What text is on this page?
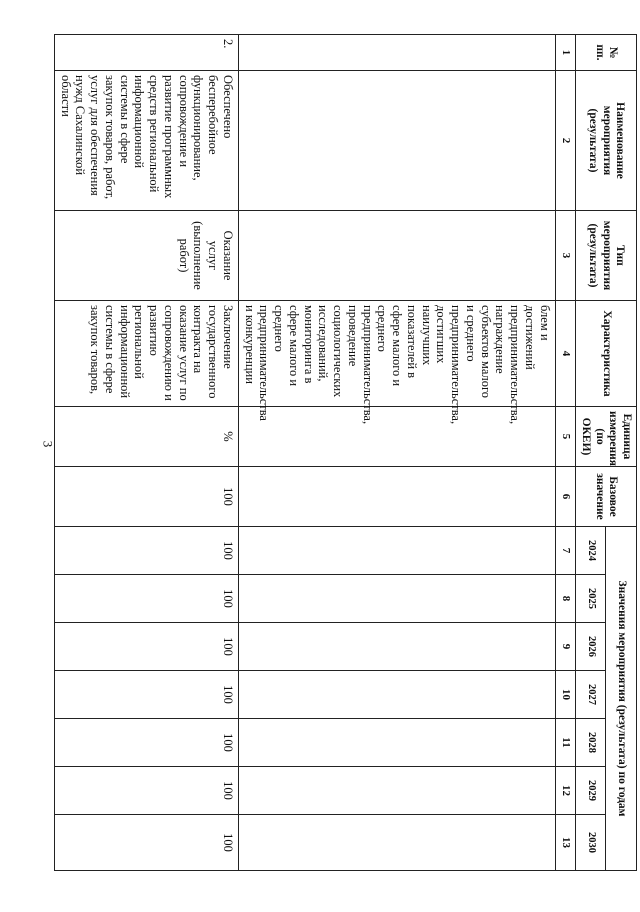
3
№ пп.	Наименование мероприятия (результата)	Тип мероприятия (результата)	Характеристика	Единица измерения (по ОКЕИ)	Базовое значение	Значения мероприятия (результата) по годам						
						2024	2025	2026	2027	2028	2029	2030
1	2	3	4	5	6	7	8	9	10	11	12	13
			блем и достижений предпринимательства, награждение субъектов малого и среднего предпринимательства, достигших наилучших показателей в сфере малого и среднего предпринимательства, проведение социологических исследований, мониторинга в сфере малого и среднего предпринимательства и конкуренции									
2.	Обеспечено бесперебойное функционирование, сопровождение и развитие программных средств региональной информационной системы в сфере закупок товаров, работ, услуг для обеспечения нужд Сахалинской области	Оказание услуг (выполнение работ)	Заключение государственного контракта на оказание услуг по сопровождению и развитию региональной информационной системы в сфере закупок товаров,	%	100	100	100	100	100	100	100	100
